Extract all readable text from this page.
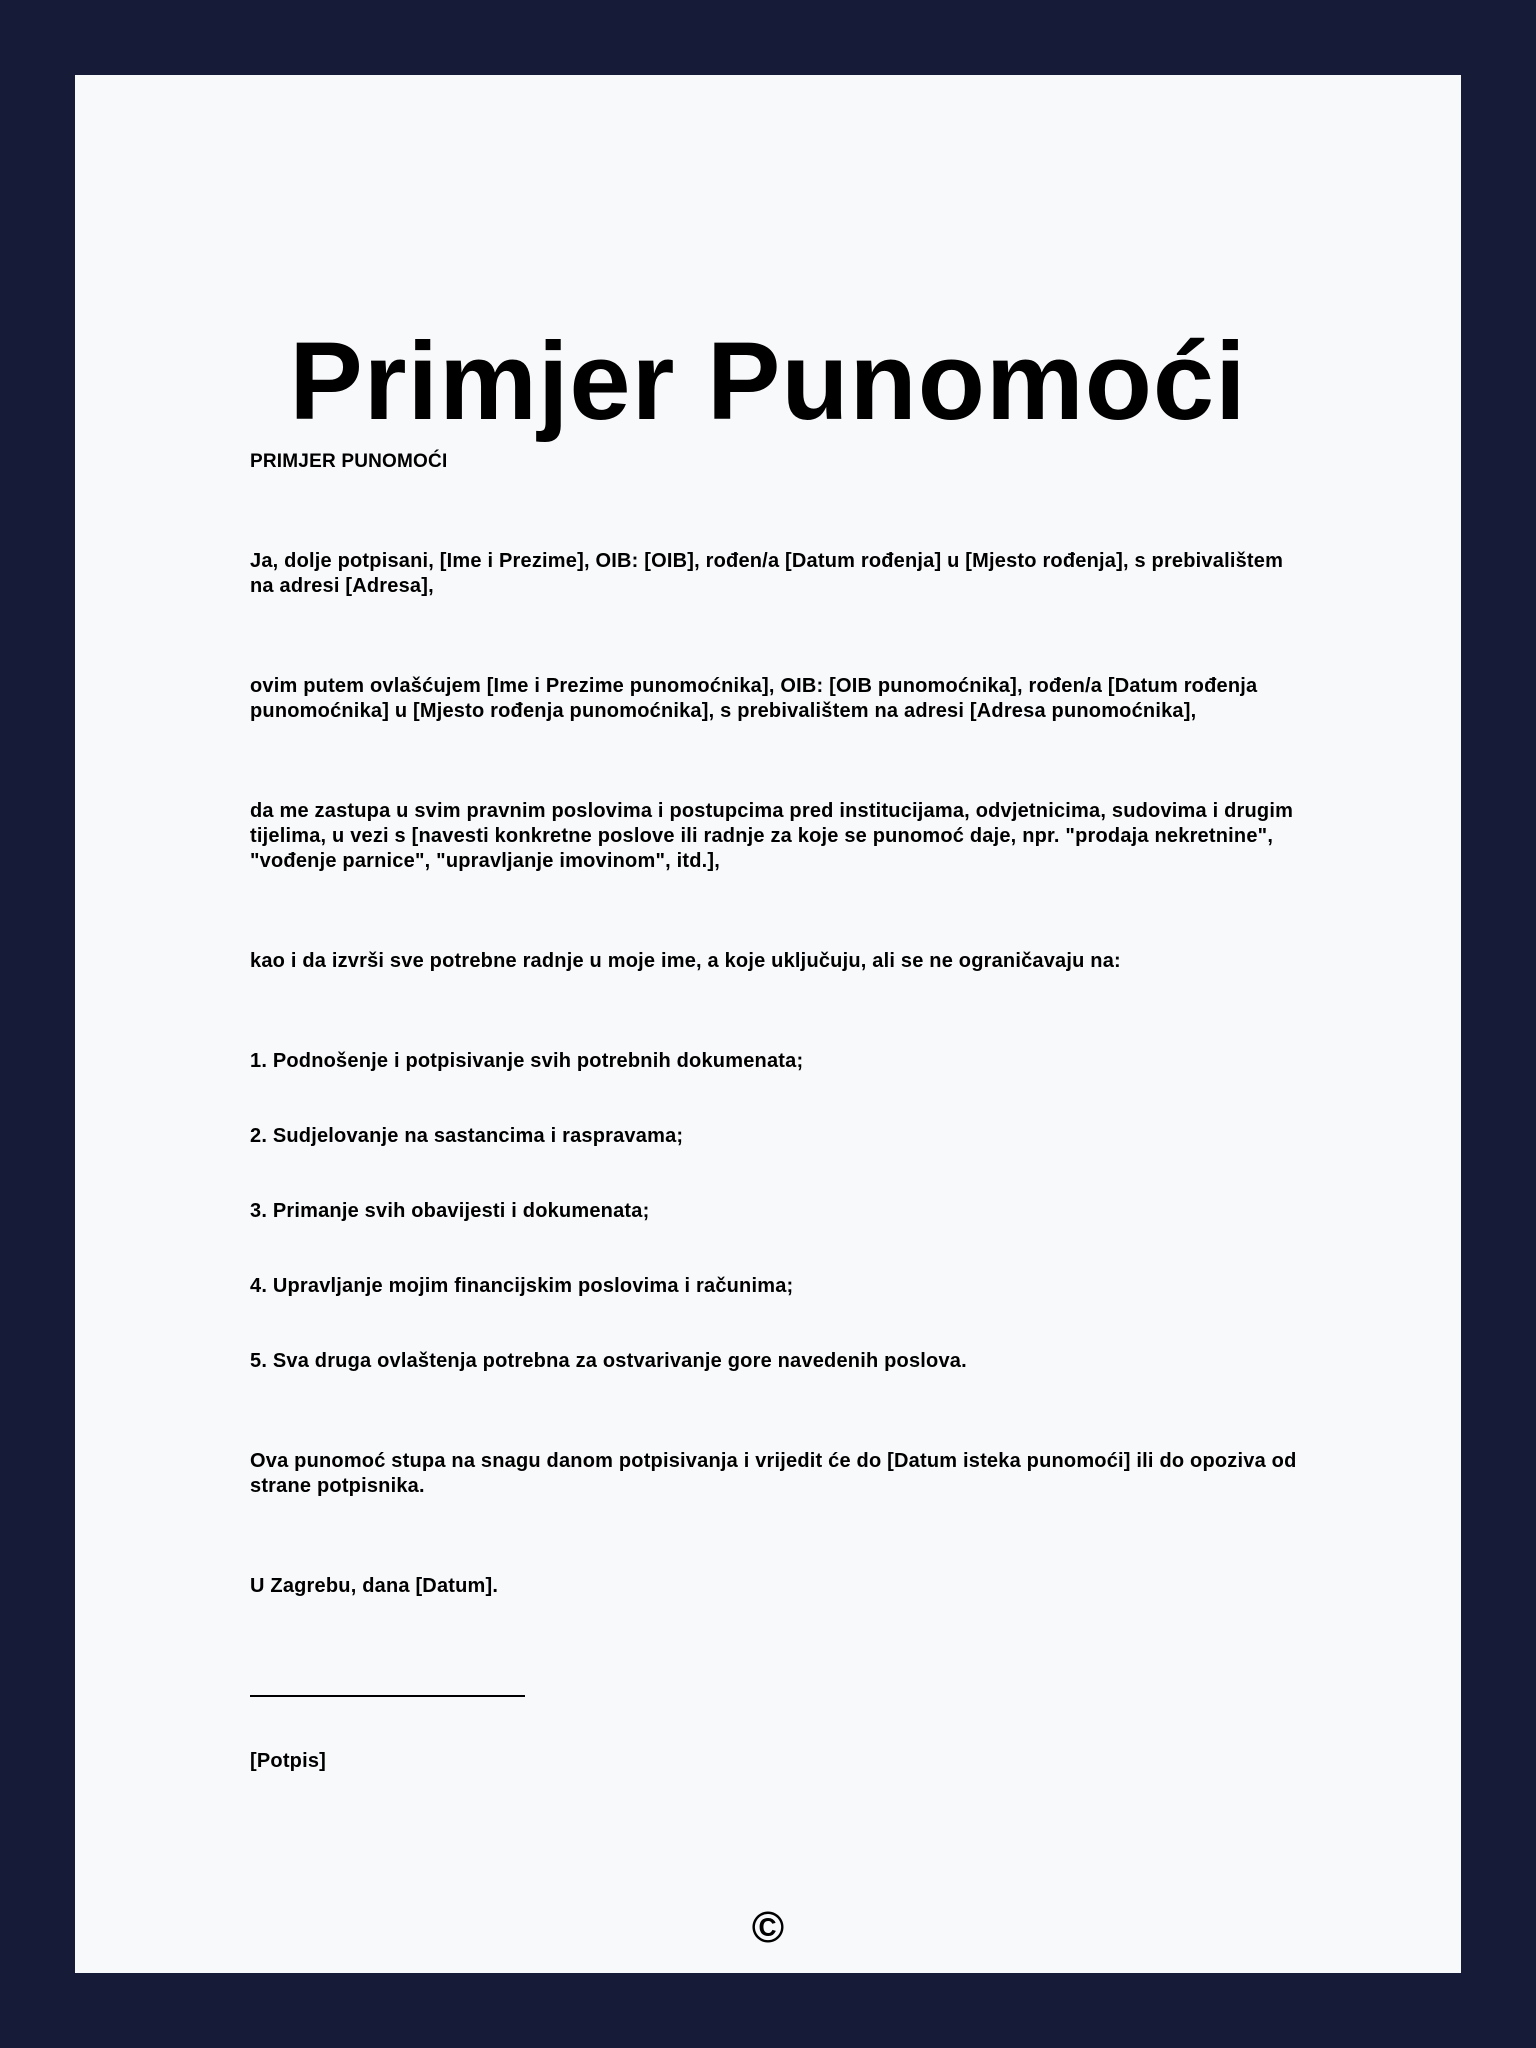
Primjer Punomoći

PRIMJER PUNOMOĆI

Ja, dolje potpisani, [Ime i Prezime], OIB: [OIB], rođen/a [Datum rođenja] u [Mjesto rođenja], s prebivalištem na adresi [Adresa],

ovim putem ovlašćujem [Ime i Prezime punomoćnika], OIB: [OIB punomoćnika], rođen/a [Datum rođenja punomoćnika] u [Mjesto rođenja punomoćnika], s prebivalištem na adresi [Adresa punomoćnika],

da me zastupa u svim pravnim poslovima i postupcima pred institucijama, odvjetnicima, sudovima i drugim tijelima, u vezi s [navesti konkretne poslove ili radnje za koje se punomoć daje, npr. "prodaja nekretnine", "vođenje parnice", "upravljanje imovinom", itd.],

kao i da izvrši sve potrebne radnje u moje ime, a koje uključuju, ali se ne ograničavaju na:

1. Podnošenje i potpisivanje svih potrebnih dokumenata;

2. Sudjelovanje na sastancima i raspravama;

3. Primanje svih obavijesti i dokumenata;

4. Upravljanje mojim financijskim poslovima i računima;

5. Sva druga ovlaštenja potrebna za ostvarivanje gore navedenih poslova.

Ova punomoć stupa na snagu danom potpisivanja i vrijedit će do [Datum isteka punomoći] ili do opoziva od strane potpisnika.

U Zagrebu, dana [Datum].

[Potpis]

©
